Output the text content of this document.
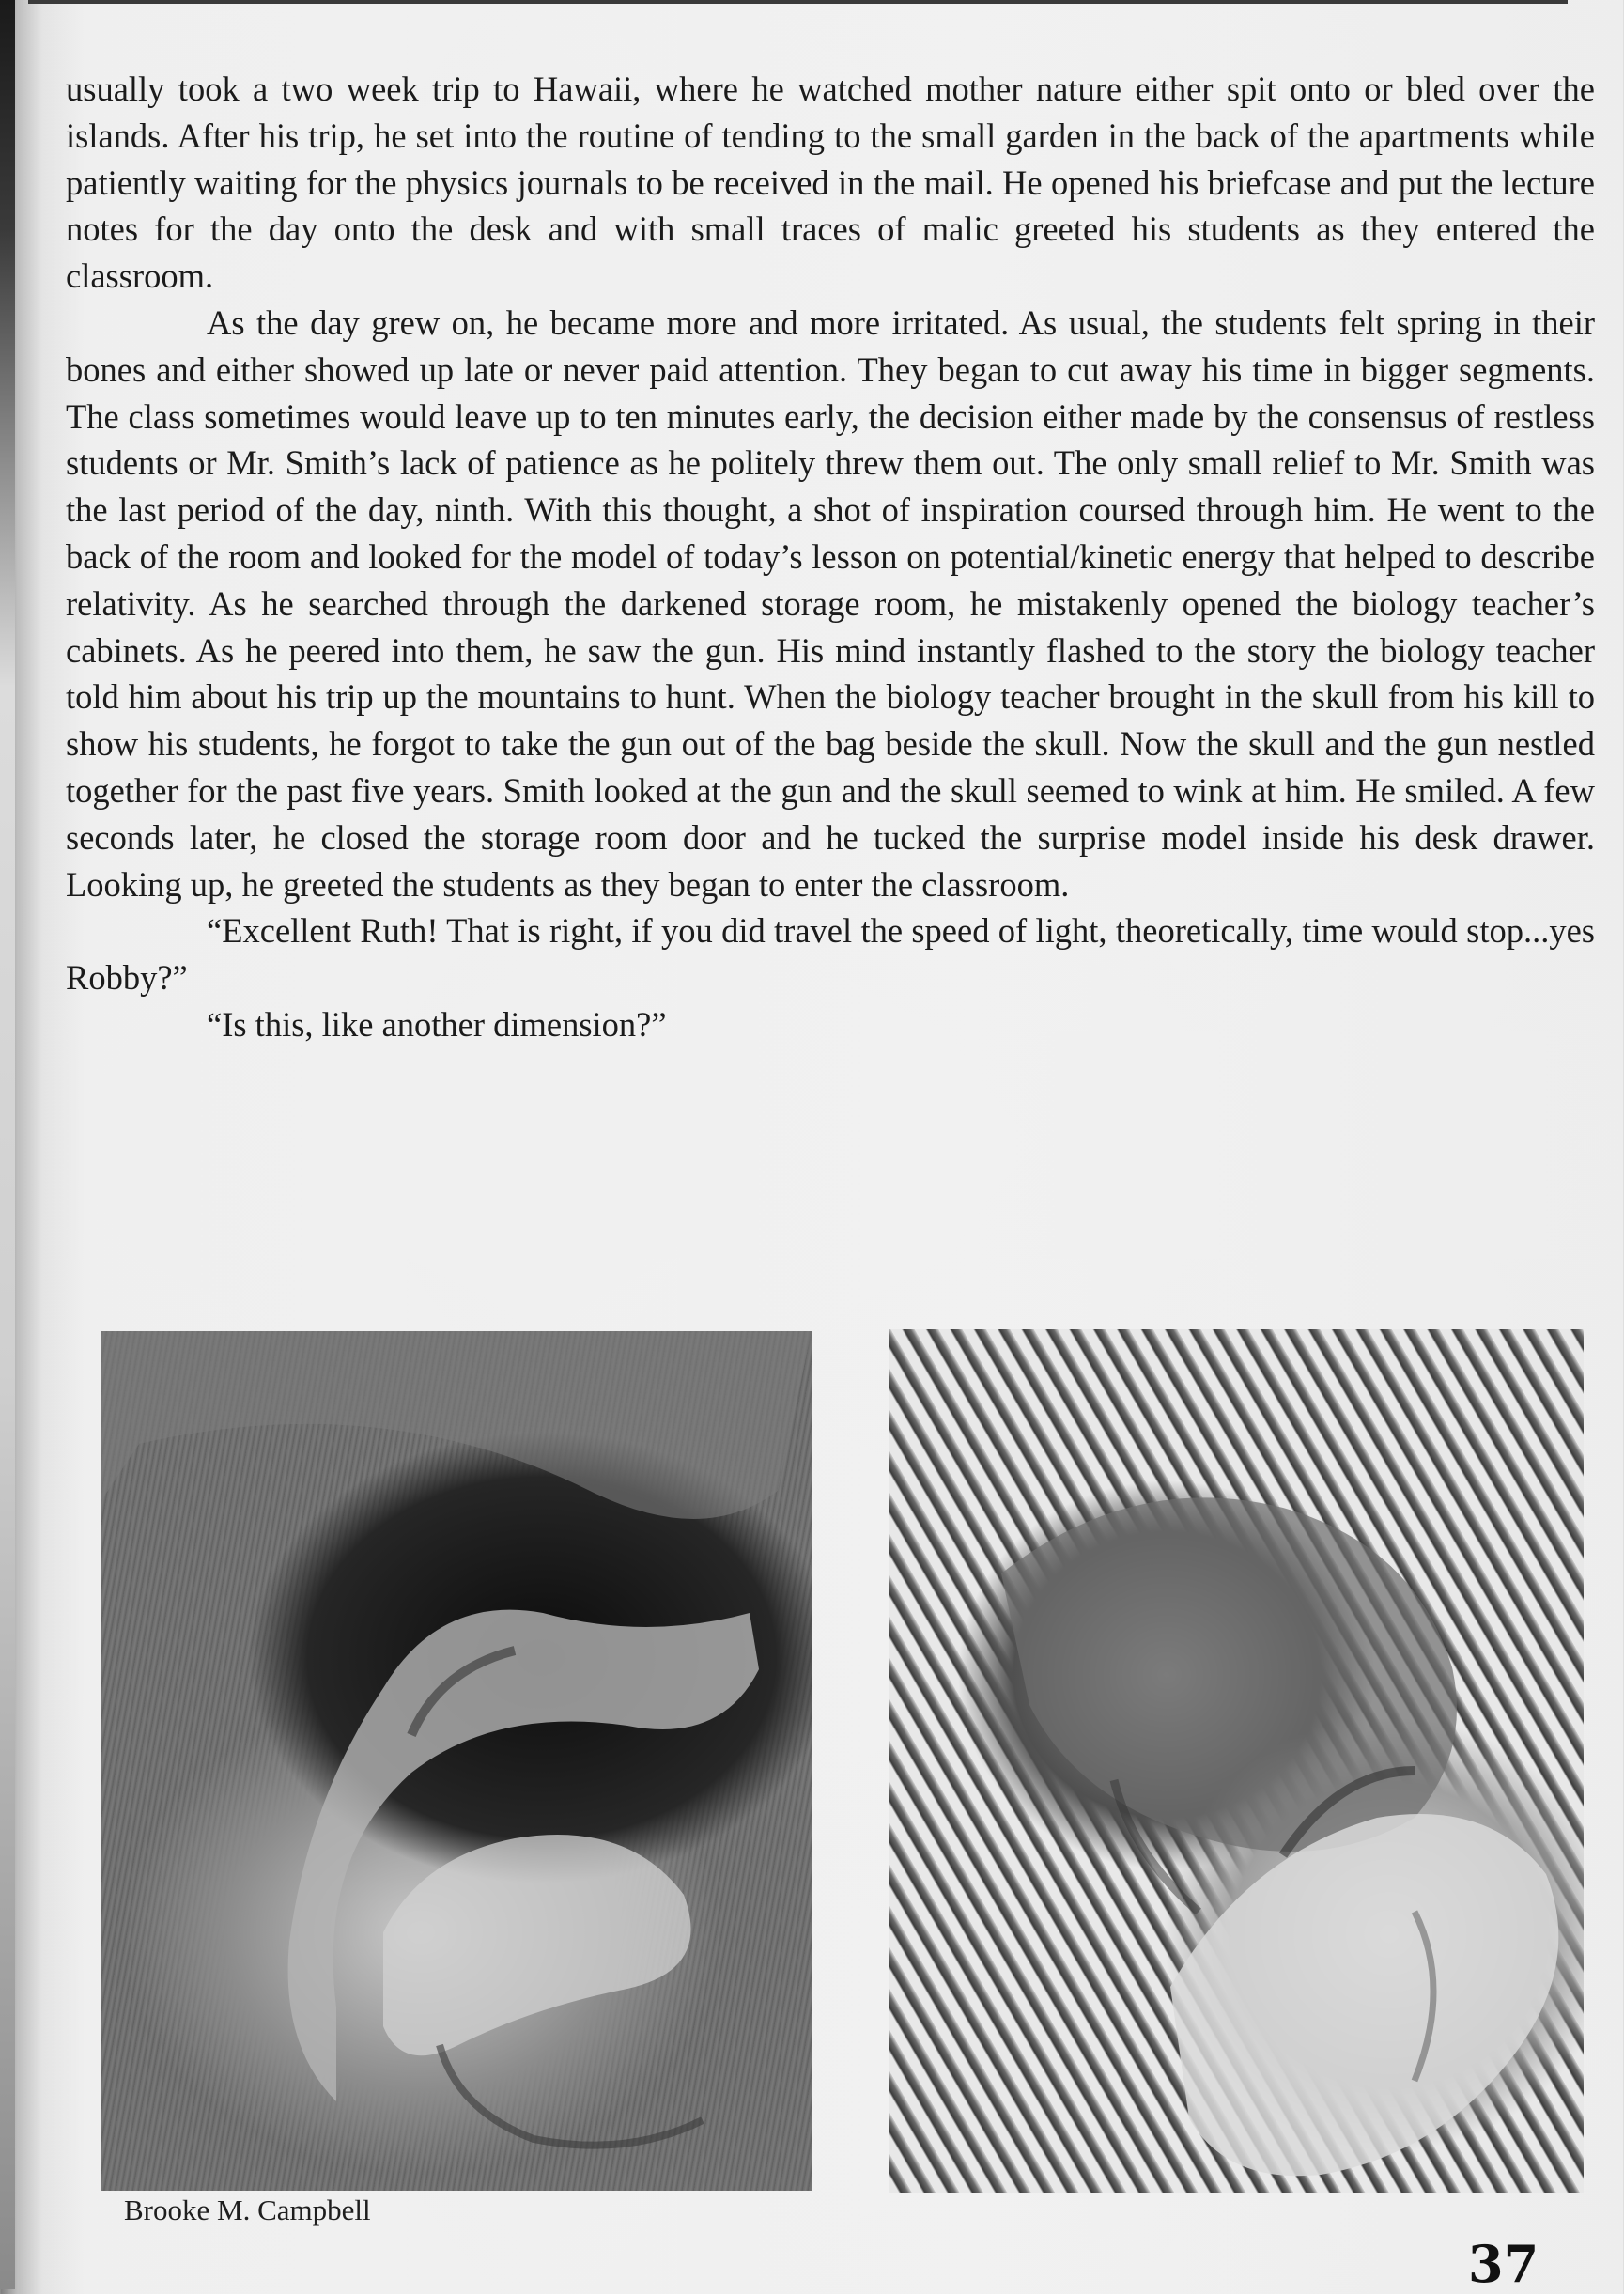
usually took a two week trip to Hawaii, where he watched mother nature either spit onto or bled over the islands. After his trip, he set into the routine of tending to the small garden in the back of the apartments while patiently waiting for the physics journals to be received in the mail. He opened his briefcase and put the lecture notes for the day onto the desk and with small traces of malic greeted his students as they entered the classroom.

As the day grew on, he became more and more irritated. As usual, the students felt spring in their bones and either showed up late or never paid attention. They began to cut away his time in bigger segments. The class sometimes would leave up to ten minutes early, the decision either made by the consensus of restless students or Mr. Smith’s lack of patience as he politely threw them out. The only small relief to Mr. Smith was the last period of the day, ninth. With this thought, a shot of inspiration coursed through him. He went to the back of the room and looked for the model of today’s lesson on potential/kinetic energy that helped to describe relativity. As he searched through the darkened storage room, he mistakenly opened the biology teacher’s cabinets. As he peered into them, he saw the gun. His mind instantly flashed to the story the biology teacher told him about his trip up the mountains to hunt. When the biology teacher brought in the skull from his kill to show his students, he forgot to take the gun out of the bag beside the skull. Now the skull and the gun nestled together for the past five years. Smith looked at the gun and the skull seemed to wink at him. He smiled. A few seconds later, he closed the storage room door and he tucked the surprise model inside his desk drawer. Looking up, he greeted the students as they began to enter the classroom.

“Excellent Ruth! That is right, if you did travel the speed of light, theoretically, time would stop...yes Robby?”

“Is this, like another dimension?”

Brooke M. Campbell
37
